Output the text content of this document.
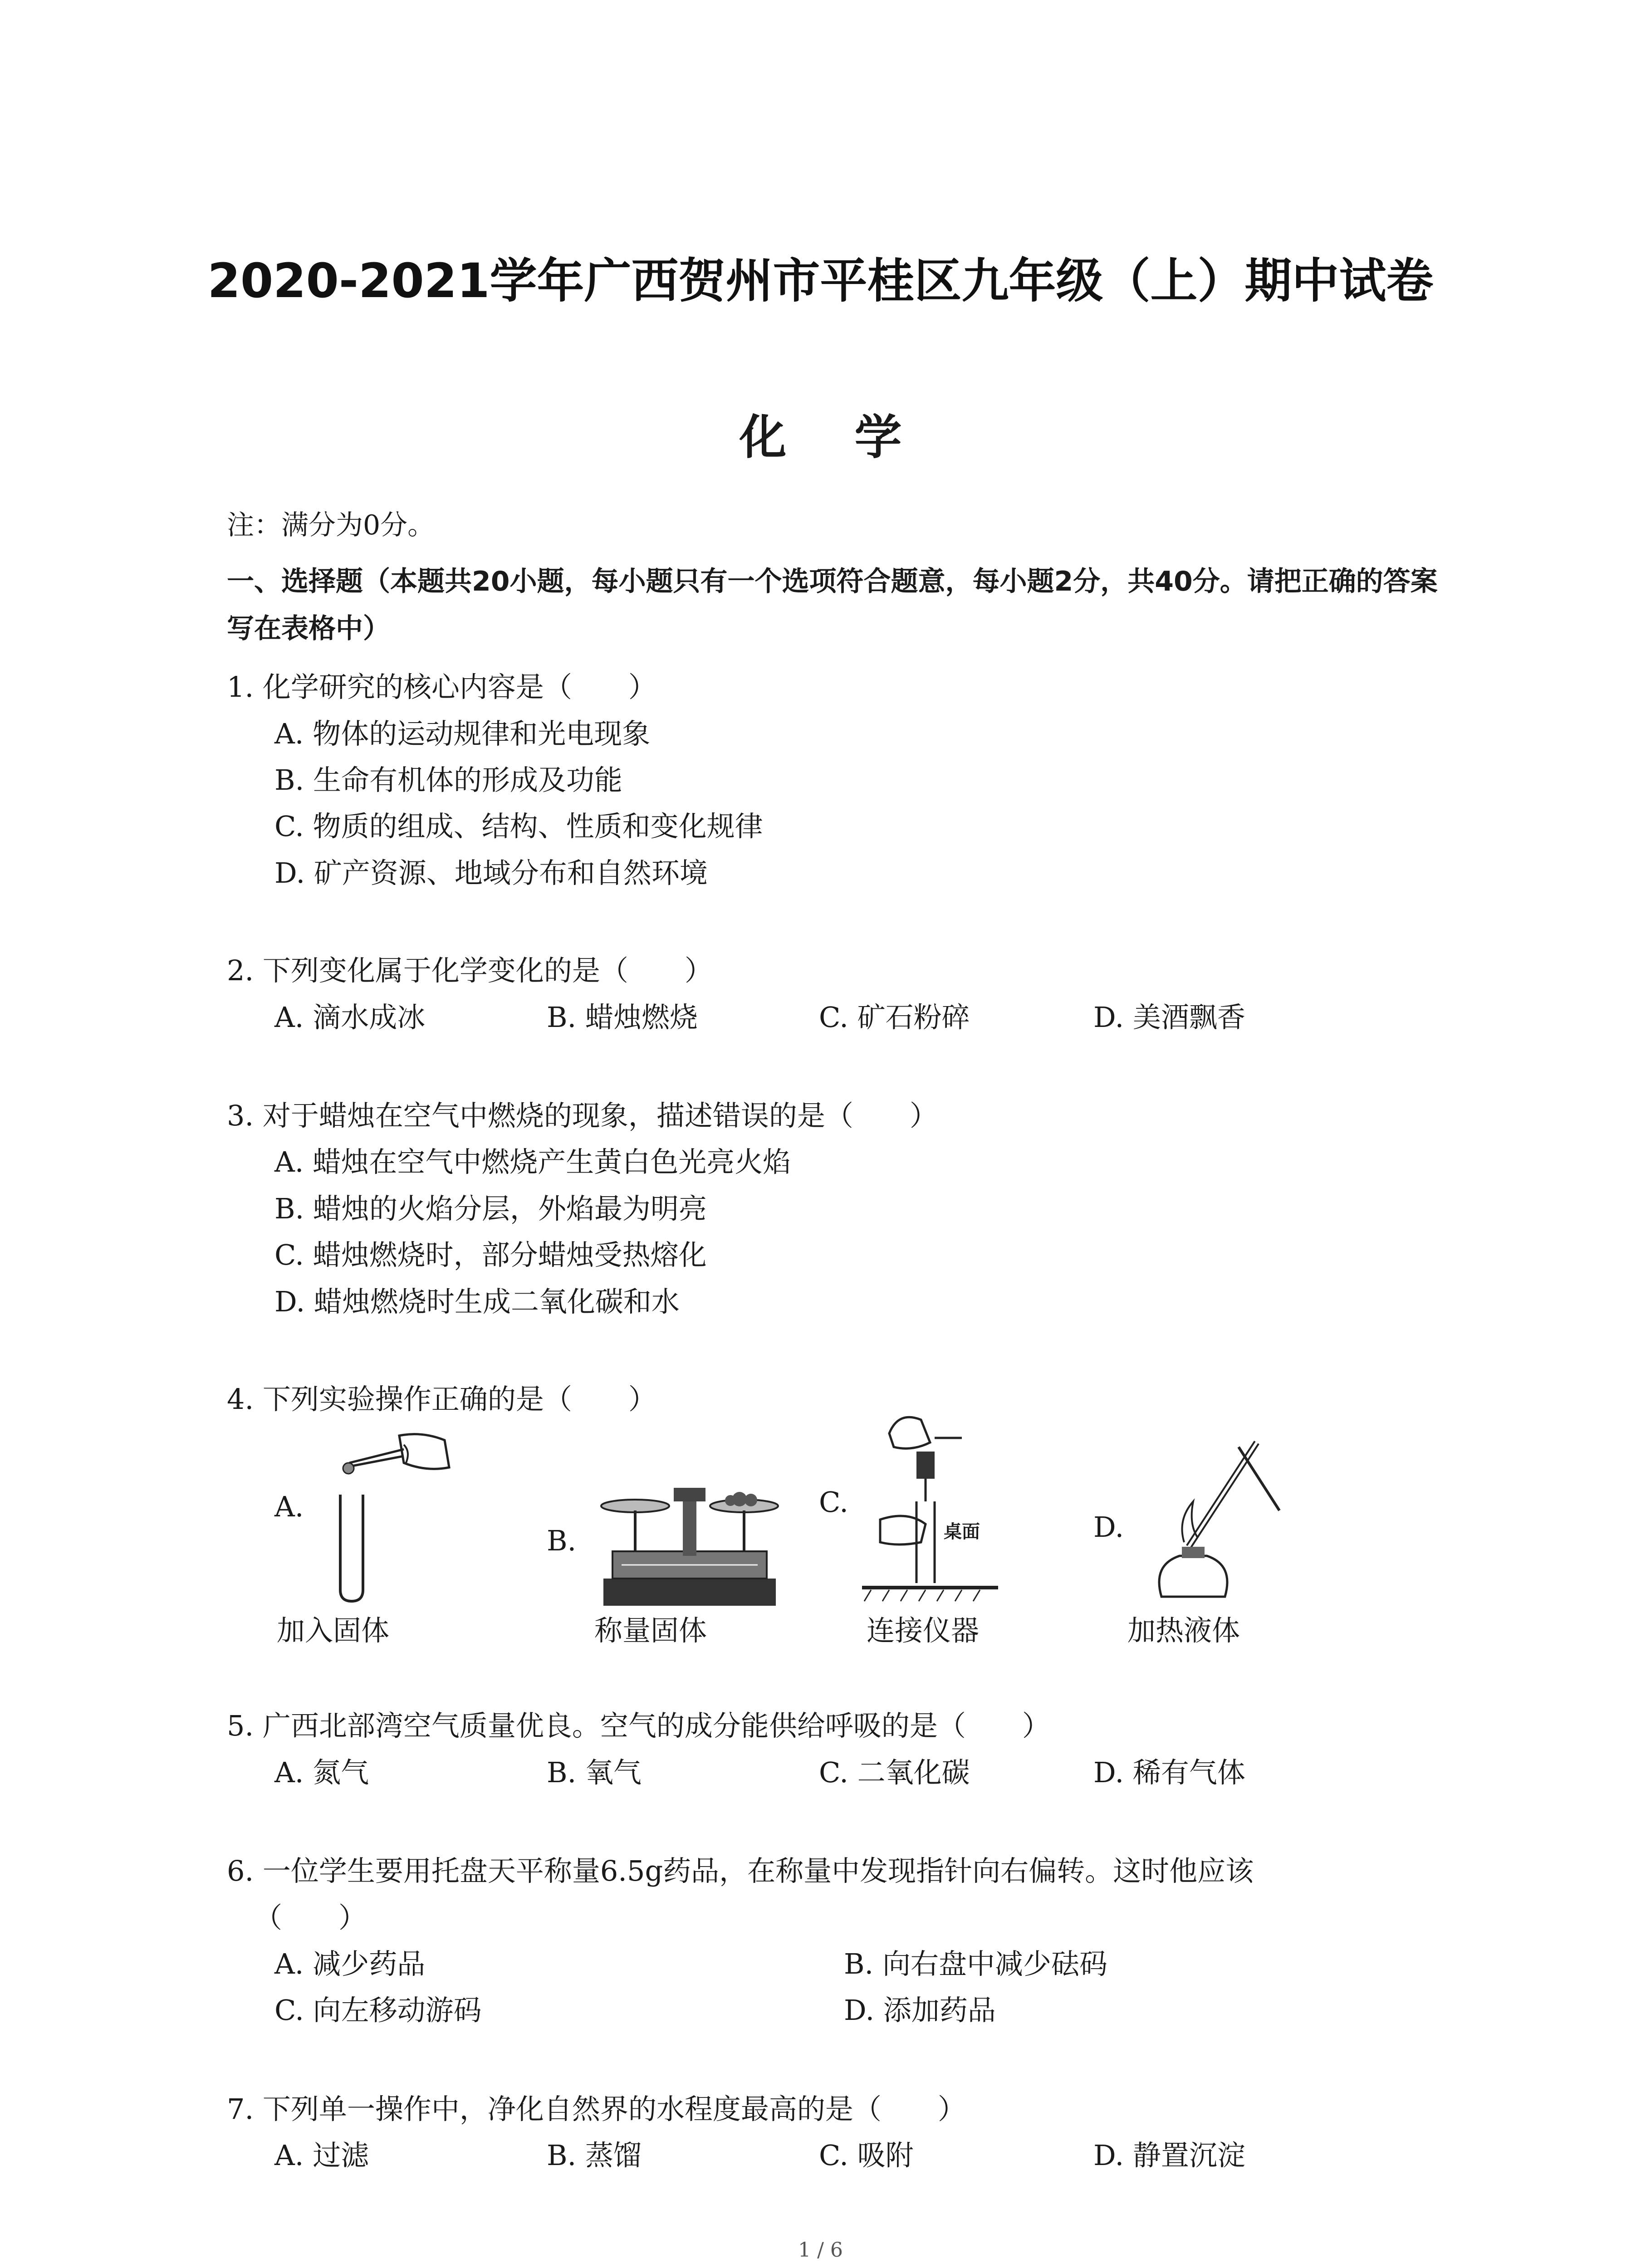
2020-2021学年广西贺州市平桂区九年级（上）期中试卷
化学
注：满分为0分。
一、选择题（本题共20小题，每小题只有一个选项符合题意，每小题2分，共40分。请把正确的答案写在表格中）
1. 化学研究的核心内容是（　　）
A. 物体的运动规律和光电现象
B. 生命有机体的形成及功能
C. 物质的组成、结构、性质和变化规律
D. 矿产资源、地域分布和自然环境
2. 下列变化属于化学变化的是（　　）
A. 滴水成冰	B. 蜡烛燃烧	C. 矿石粉碎	D. 美酒飘香
3. 对于蜡烛在空气中燃烧的现象，描述错误的是（　　）
A. 蜡烛在空气中燃烧产生黄白色光亮火焰
B. 蜡烛的火焰分层，外焰最为明亮
C. 蜡烛燃烧时，部分蜡烛受热熔化
D. 蜡烛燃烧时生成二氧化碳和水
4. 下列实验操作正确的是（　　）
A.
B.
C.
D.
桌面
加入固体	称量固体	连接仪器	加热液体
5. 广西北部湾空气质量优良。空气的成分能供给呼吸的是（　　）
A. 氮气	B. 氧气	C. 二氧化碳	D. 稀有气体
6. 一位学生要用托盘天平称量6.5g药品，在称量中发现指针向右偏转。这时他应该
（　　）
A. 减少药品	B. 向右盘中减少砝码
C. 向左移动游码	D. 添加药品
7. 下列单一操作中，净化自然界的水程度最高的是（　　）
A. 过滤	B. 蒸馏	C. 吸附	D. 静置沉淀
1 / 6
